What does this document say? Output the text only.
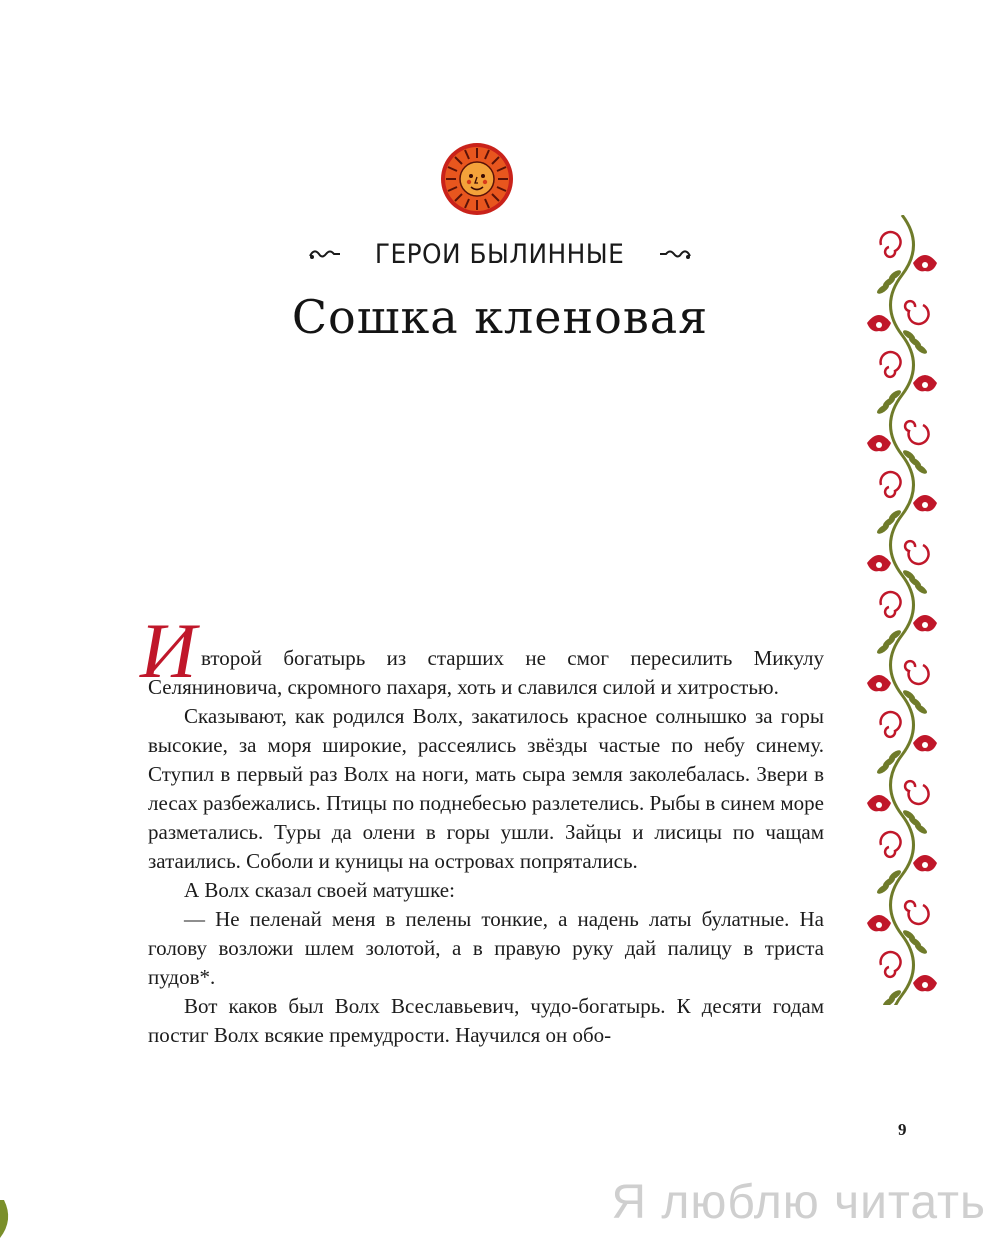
ГЕРОИ БЫЛИННЫЕ
Сошка кленовая
И второй богатырь из старших не смог пересилить Микулу Селяниновича, скромного пахаря, хоть и славился силой и хитростью.

Сказывают, как родился Волх, закатилось красное солнышко за горы высокие, за моря широкие, рассеялись звёзды частые по небу синему. Ступил в первый раз Волх на ноги, мать сыра земля заколебалась. Звери в лесах разбежались. Птицы по поднебесью разлетелись. Рыбы в синем море разметались. Туры да олени в горы ушли. Зайцы и лисицы по чащам затаились. Соболи и куницы на островах попрятались.

А Волх сказал своей матушке:

— Не пеленай меня в пелены тонкие, а надень латы булатные. На голову возложи шлем золотой, а в правую руку дай палицу в триста пудов*.

Вот каков был Волх Всеславьевич, чудо-богатырь. К десяти годам постиг Волх всякие премудрости. Научился он обо-

9
Я люблю читать
